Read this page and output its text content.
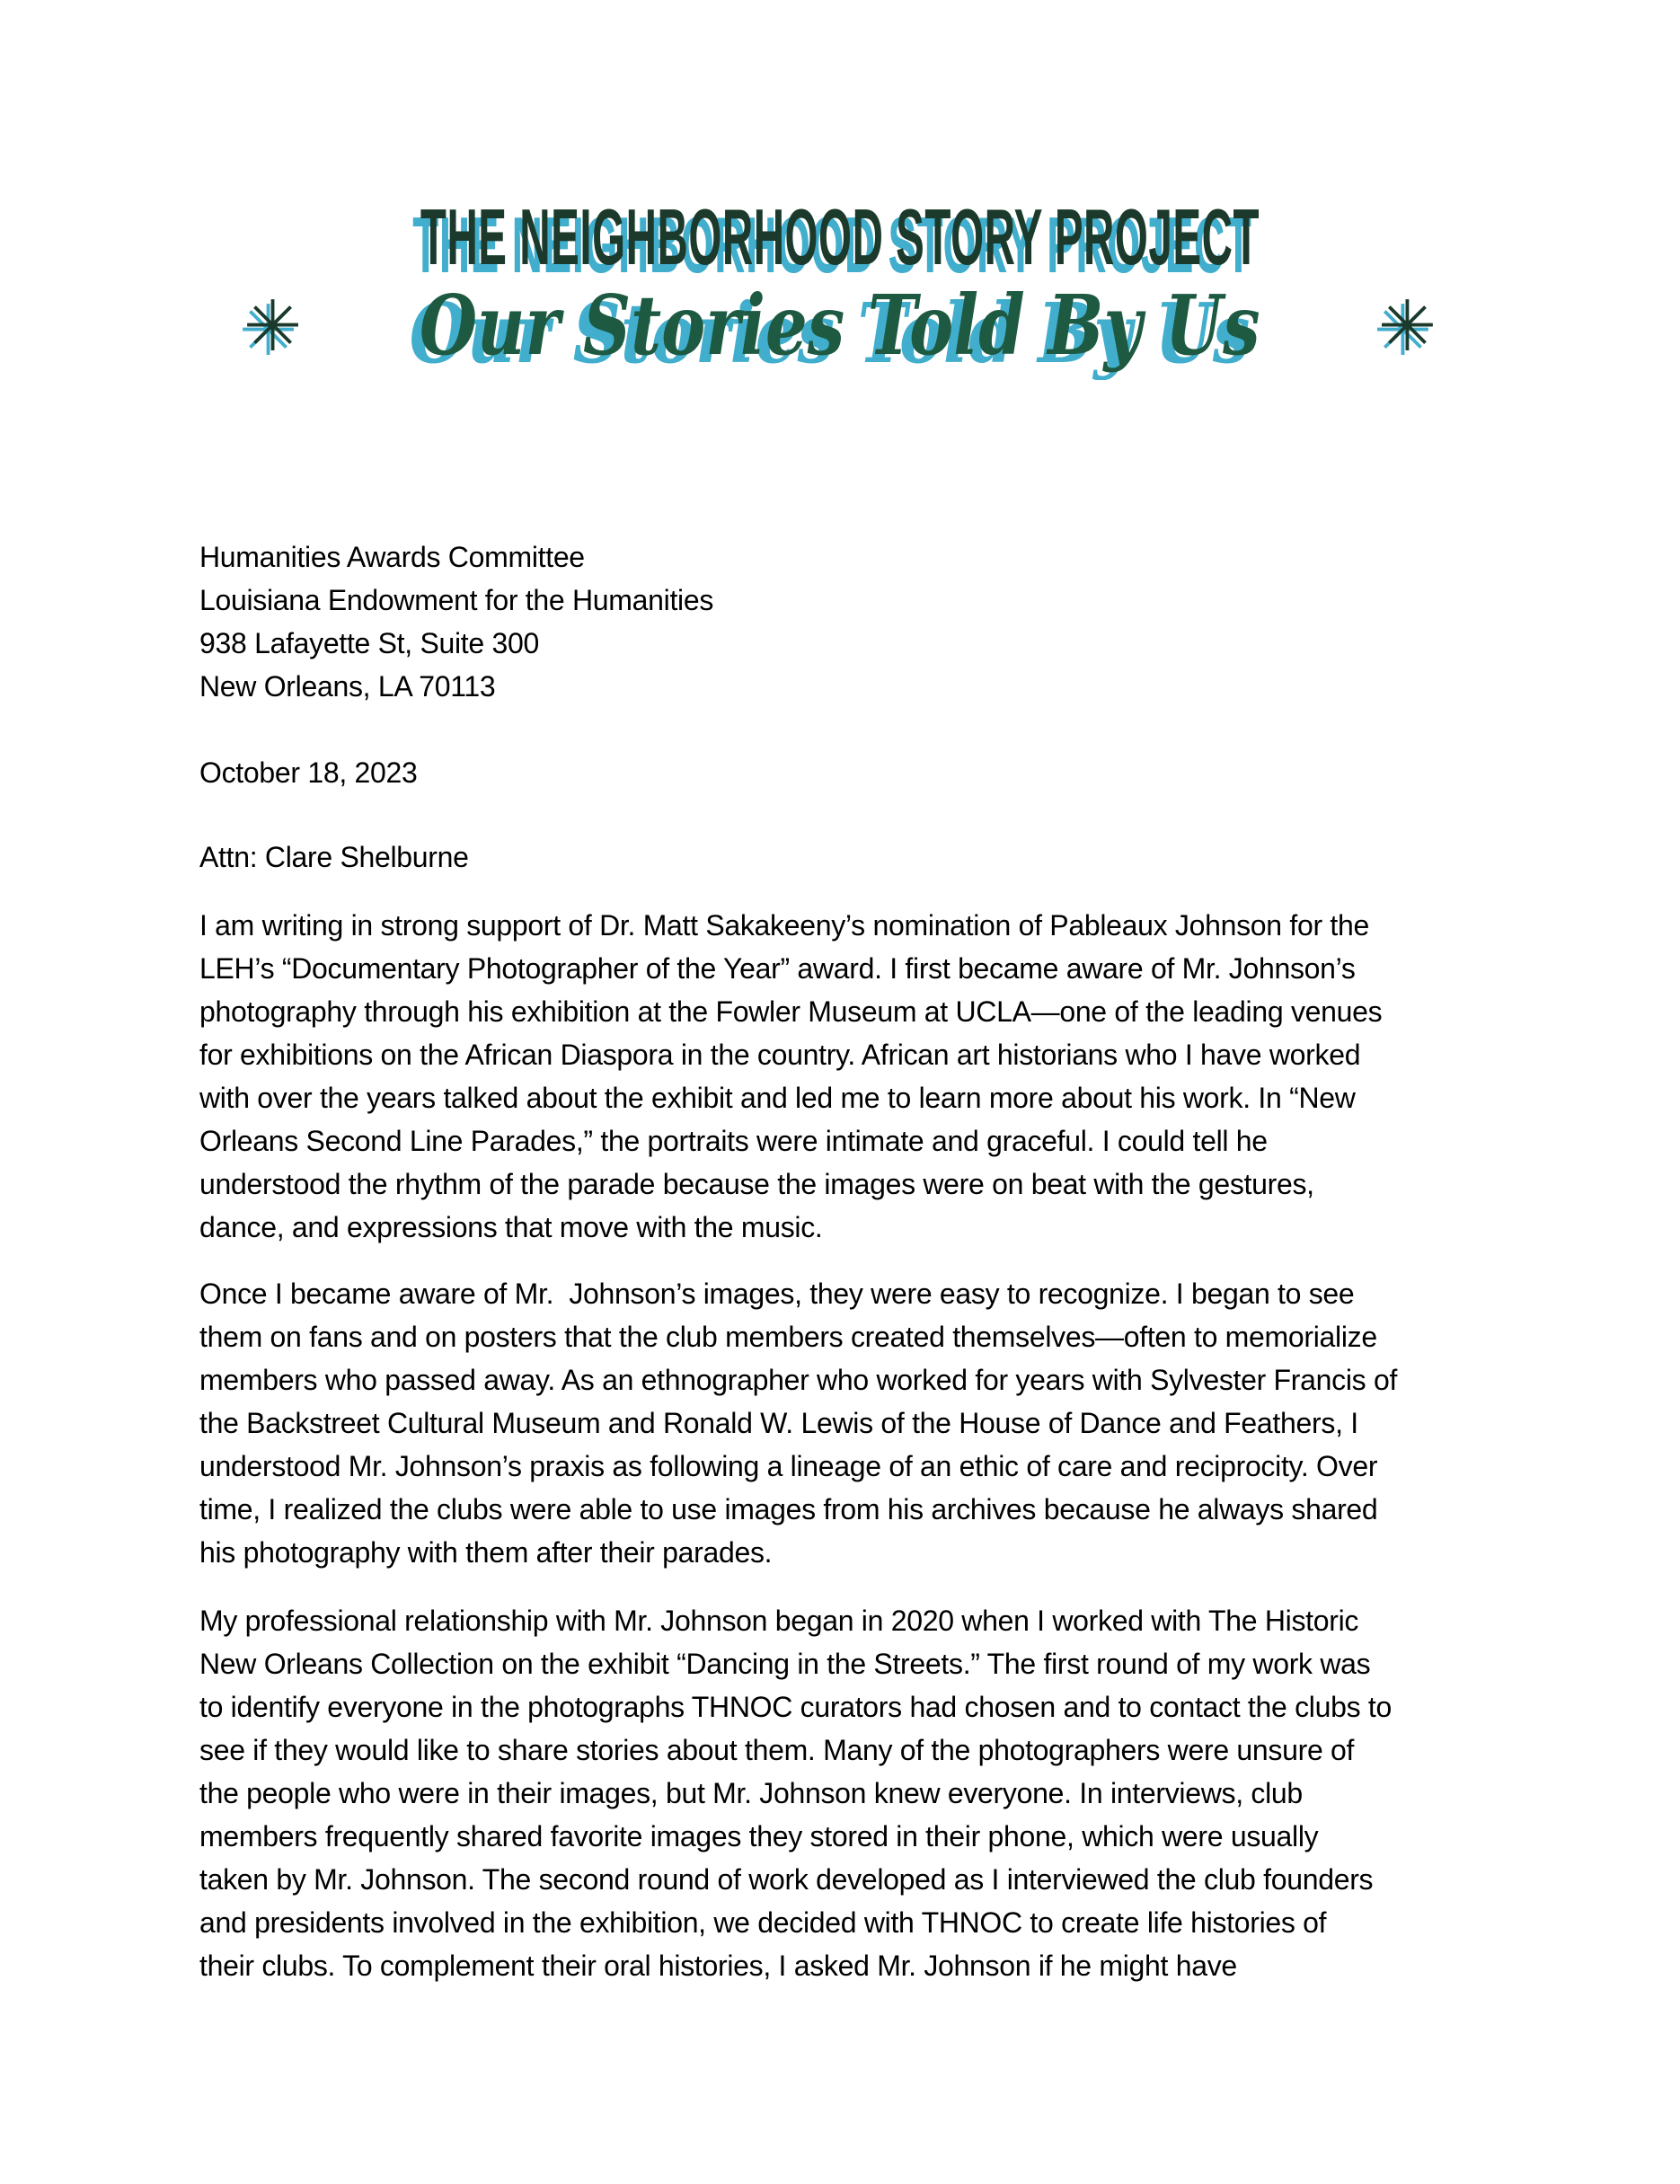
THE NEIGHBORHOOD STORY PROJECT
✳ Our Stories Told By Us ✳
Humanities Awards Committee
Louisiana Endowment for the Humanities
938 Lafayette St, Suite 300
New Orleans, LA 70113
October 18, 2023
Attn: Clare Shelburne
I am writing in strong support of Dr. Matt Sakakeeny’s nomination of Pableaux Johnson for the
LEH’s “Documentary Photographer of the Year” award. I first became aware of Mr. Johnson’s
photography through his exhibition at the Fowler Museum at UCLA—one of the leading venues
for exhibitions on the African Diaspora in the country. African art historians who I have worked
with over the years talked about the exhibit and led me to learn more about his work. In “New
Orleans Second Line Parades,” the portraits were intimate and graceful. I could tell he
understood the rhythm of the parade because the images were on beat with the gestures,
dance, and expressions that move with the music.
Once I became aware of Mr.  Johnson’s images, they were easy to recognize. I began to see
them on fans and on posters that the club members created themselves—often to memorialize
members who passed away. As an ethnographer who worked for years with Sylvester Francis of
the Backstreet Cultural Museum and Ronald W. Lewis of the House of Dance and Feathers, I
understood Mr. Johnson’s praxis as following a lineage of an ethic of care and reciprocity. Over
time, I realized the clubs were able to use images from his archives because he always shared
his photography with them after their parades.
My professional relationship with Mr. Johnson began in 2020 when I worked with The Historic
New Orleans Collection on the exhibit “Dancing in the Streets.” The first round of my work was
to identify everyone in the photographs THNOC curators had chosen and to contact the clubs to
see if they would like to share stories about them. Many of the photographers were unsure of
the people who were in their images, but Mr. Johnson knew everyone. In interviews, club
members frequently shared favorite images they stored in their phone, which were usually
taken by Mr. Johnson. The second round of work developed as I interviewed the club founders
and presidents involved in the exhibition, we decided with THNOC to create life histories of
their clubs. To complement their oral histories, I asked Mr. Johnson if he might have
